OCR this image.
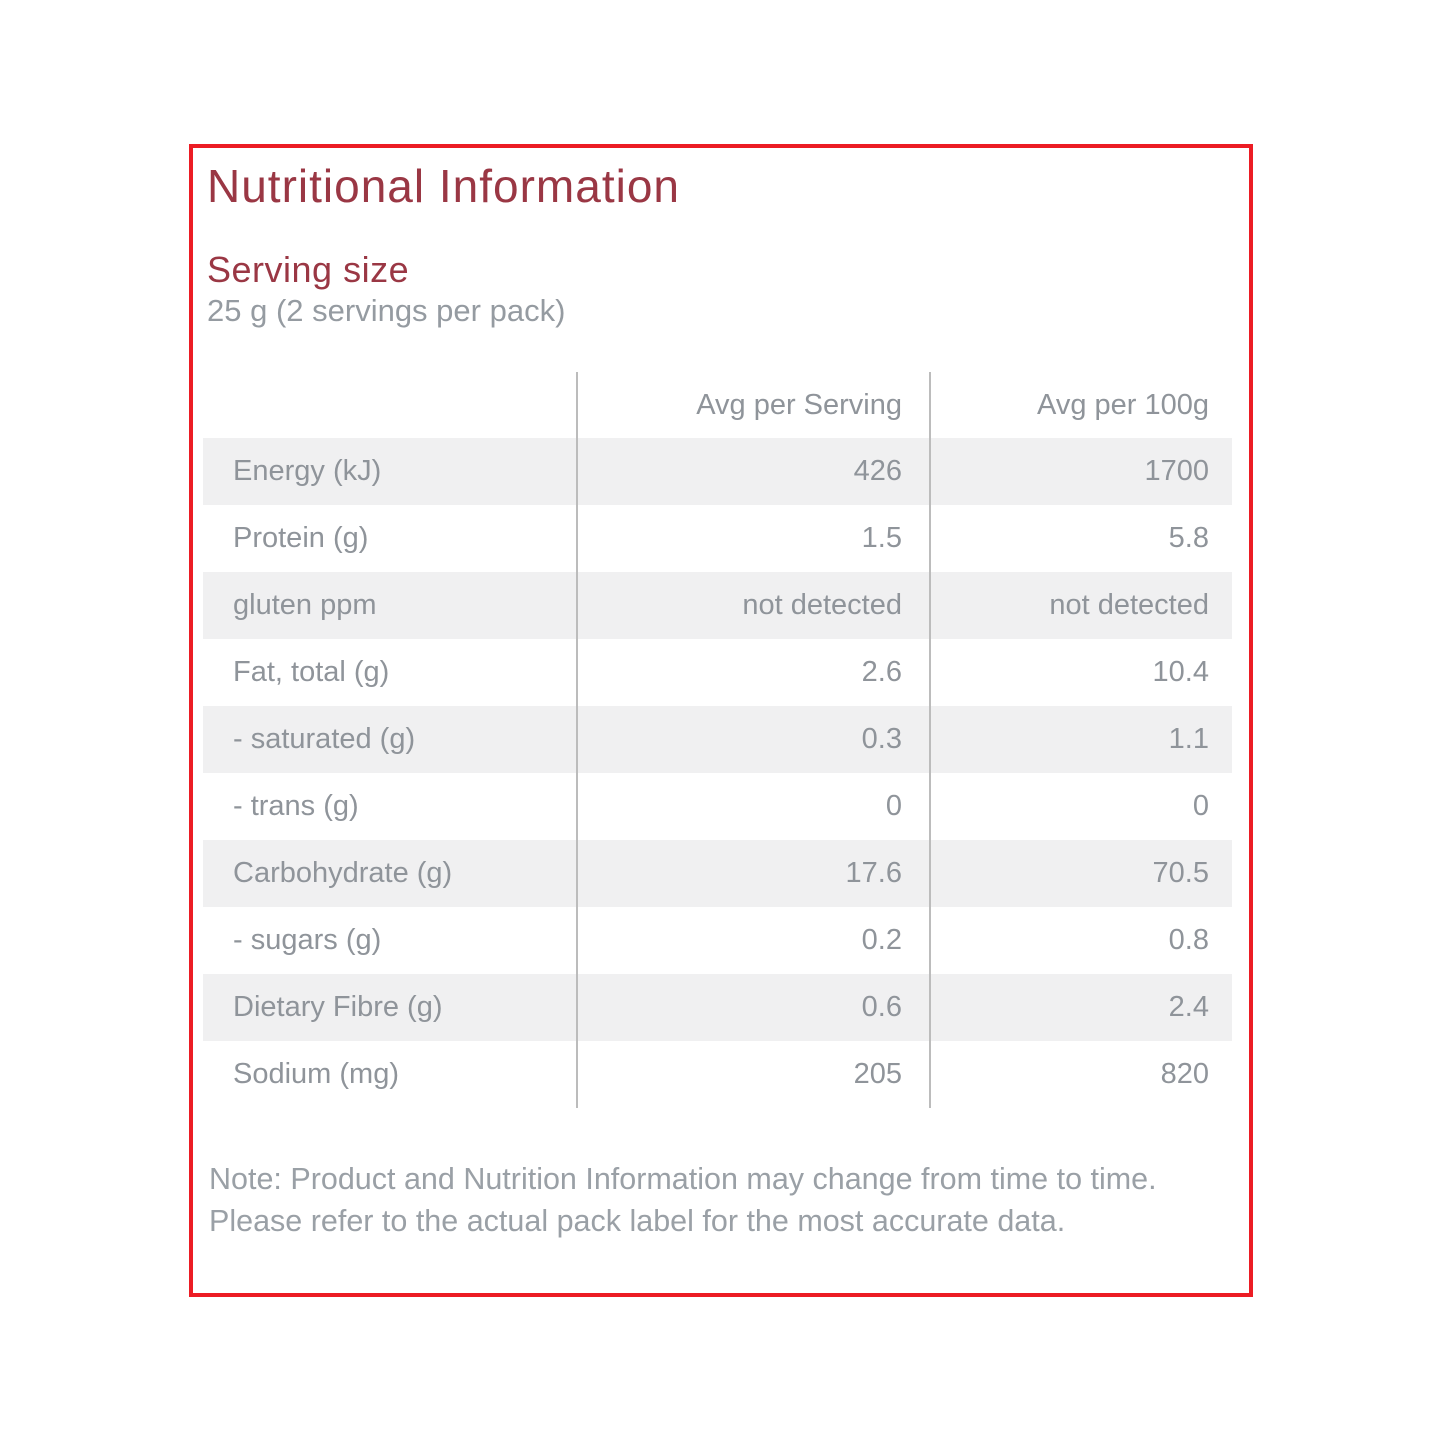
Nutritional Information
Serving size
25 g (2 servings per pack)
	Avg per Serving	Avg per 100g
Energy (kJ)	426	1700
Protein (g)	1.5	5.8
gluten ppm	not detected	not detected
Fat, total (g)	2.6	10.4
- saturated (g)	0.3	1.1
- trans (g)	0	0
Carbohydrate (g)	17.6	70.5
- sugars (g)	0.2	0.8
Dietary Fibre (g)	0.6	2.4
Sodium (mg)	205	820
Note: Product and Nutrition Information may change from time to time. Please refer to the actual pack label for the most accurate data.
